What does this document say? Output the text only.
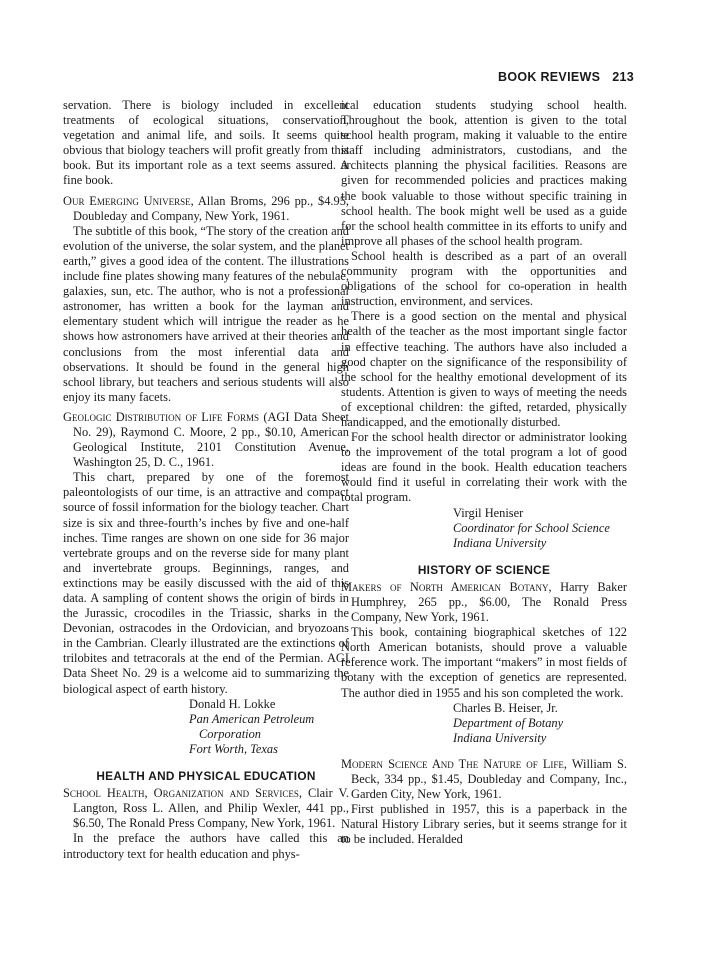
BOOK REVIEWS 213

servation. There is biology included in excellent treatments of ecological situations, conservation, vegetation and animal life, and soils. It seems quite obvious that biology teachers will profit greatly from this book. But its important role as a text seems assured. A fine book.

Our Emerging Universe, Allan Broms, 296 pp., $4.95, Doubleday and Company, New York, 1961.

The subtitle of this book, “The story of the creation and evolution of the universe, the solar system, and the planet earth,” gives a good idea of the content. The illustrations include fine plates showing many features of the nebulae, galaxies, sun, etc. The author, who is not a professional astronomer, has written a book for the layman and elementary student which will intrigue the reader as he shows how astronomers have arrived at their theories and conclusions from the most inferential data and observations. It should be found in the general high school library, but teachers and serious students will also enjoy its many facets.

Geologic Distribution of Life Forms (AGI Data Sheet No. 29), Raymond C. Moore, 2 pp., $0.10, American Geological Institute, 2101 Constitution Avenue, Washington 25, D. C., 1961.

This chart, prepared by one of the foremost paleontologists of our time, is an attractive and compact source of fossil information for the biology teacher. Chart size is six and three-fourth’s inches by five and one-half inches. Time ranges are shown on one side for 36 major vertebrate groups and on the reverse side for many plant and invertebrate groups. Beginnings, ranges, and extinctions may be easily discussed with the aid of this data. A sampling of content shows the origin of birds in the Jurassic, crocodiles in the Triassic, sharks in the Devonian, ostracodes in the Ordovician, and bryozoans in the Cambrian. Clearly illustrated are the extinctions of trilobites and tetracorals at the end of the Permian. AGI Data Sheet No. 29 is a welcome aid to summarizing the biological aspect of earth history.

Donald H. Lokke
Pan American Petroleum
Corporation
Fort Worth, Texas

HEALTH AND PHYSICAL EDUCATION

School Health, Organization and Services, Clair V. Langton, Ross L. Allen, and Philip Wexler, 441 pp., $6.50, The Ronald Press Company, New York, 1961.

In the preface the authors have called this an introductory text for health education and phys-

ical education students studying school health. Throughout the book, attention is given to the total school health program, making it valuable to the entire staff including administrators, custodians, and the architects planning the physical facilities. Reasons are given for recommended policies and practices making the book valuable to those without specific training in school health. The book might well be used as a guide for the school health committee in its efforts to unify and improve all phases of the school health program.

School health is described as a part of an overall community program with the opportunities and obligations of the school for co-operation in health instruction, environment, and services.

There is a good section on the mental and physical health of the teacher as the most important single factor in effective teaching. The authors have also included a good chapter on the significance of the responsibility of the school for the healthy emotional development of its students. Attention is given to ways of meeting the needs of exceptional children: the gifted, retarded, physically handicapped, and the emotionally disturbed.

For the school health director or administrator looking to the improvement of the total program a lot of good ideas are found in the book. Health education teachers would find it useful in correlating their work with the total program.

Virgil Heniser
Coordinator for School Science
Indiana University

HISTORY OF SCIENCE

Makers of North American Botany, Harry Baker Humphrey, 265 pp., $6.00, The Ronald Press Company, New York, 1961.

This book, containing biographical sketches of 122 North American botanists, should prove a valuable reference work. The important “makers” in most fields of botany with the exception of genetics are represented. The author died in 1955 and his son completed the work.

Charles B. Heiser, Jr.
Department of Botany
Indiana University

Modern Science And The Nature of Life, William S. Beck, 334 pp., $1.45, Doubleday and Company, Inc., Garden City, New York, 1961.

First published in 1957, this is a paperback in the Natural History Library series, but it seems strange for it to be included. Heralded
